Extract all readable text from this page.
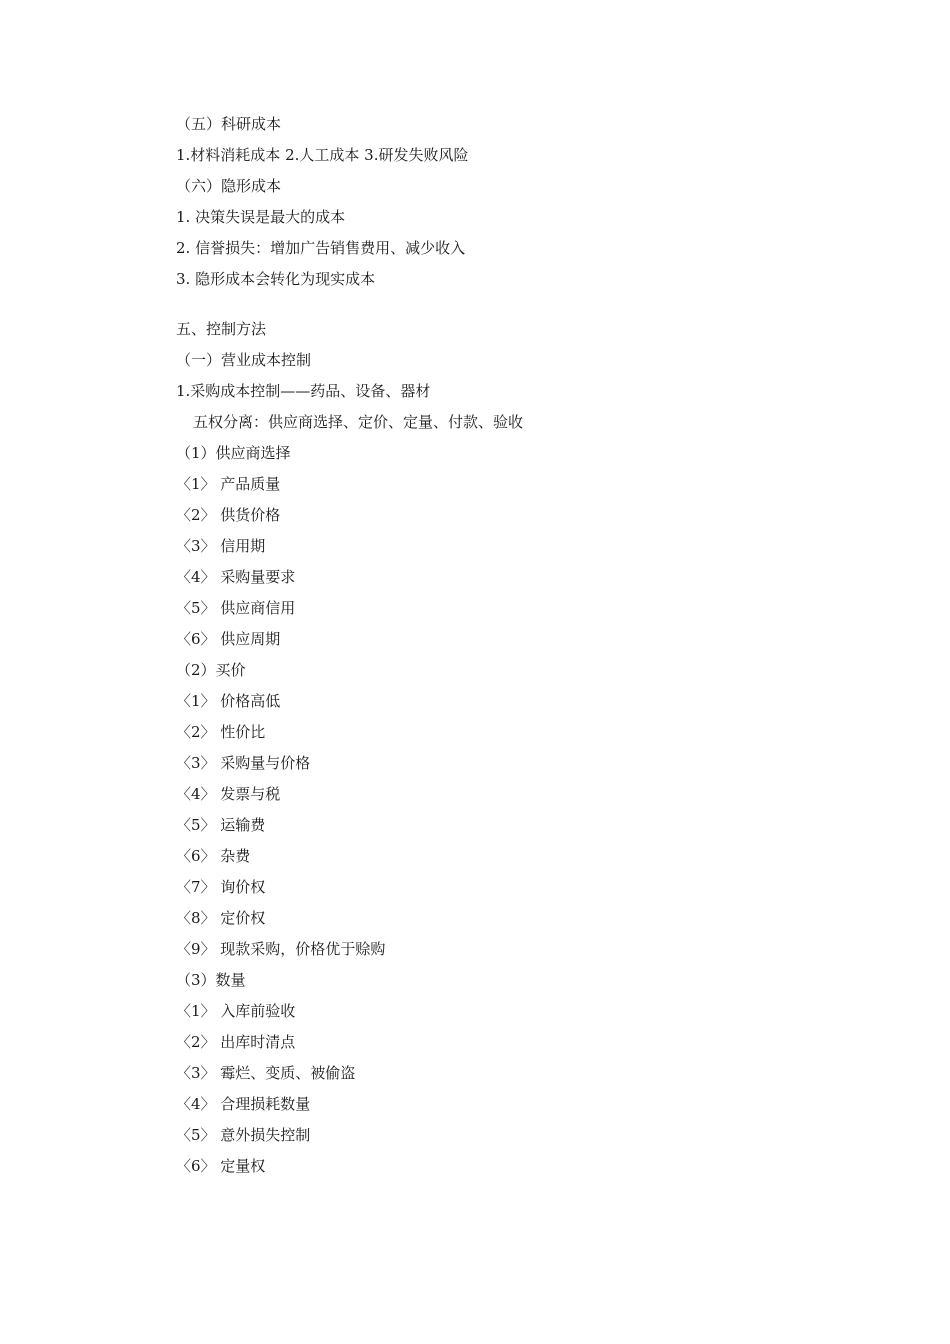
（五）科研成本
1.材料消耗成本 2.人工成本 3.研发失败风险
（六）隐形成本
1. 决策失误是最大的成本
2. 信誉损失：增加广告销售费用、减少收入
3. 隐形成本会转化为现实成本
五、控制方法
（一）营业成本控制
1.采购成本控制——药品、设备、器材
五权分离：供应商选择、定价、定量、付款、验收
（1）供应商选择
〈1〉 产品质量
〈2〉 供货价格
〈3〉 信用期
〈4〉 采购量要求
〈5〉 供应商信用
〈6〉 供应周期
（2）买价
〈1〉 价格高低
〈2〉 性价比
〈3〉 采购量与价格
〈4〉 发票与税
〈5〉 运输费
〈6〉 杂费
〈7〉 询价权
〈8〉 定价权
〈9〉 现款采购，价格优于赊购
（3）数量
〈1〉 入库前验收
〈2〉 出库时清点
〈3〉 霉烂、变质、被偷盗
〈4〉 合理损耗数量
〈5〉 意外损失控制
〈6〉 定量权
